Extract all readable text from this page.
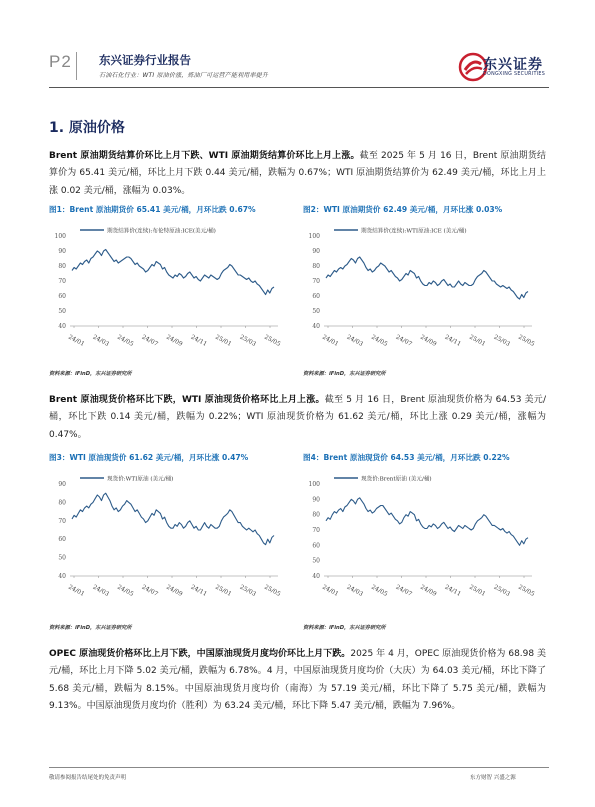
P2 东兴证券行业报告
石油石化行业：WTI 原油价涨，炼油厂可运营产能利用率提升
东兴证券
DONGXING SECURITIES
1. 原油价格
Brent 原油期货结算价环比上月下跌、WTI 原油期货结算价环比上月上涨。截至 2025 年 5 月 16 日，Brent 原油期货结算价为 65.41 美元/桶，环比上月下跌 0.44 美元/桶，跌幅为 0.67%；WTI 原油期货结算价为 62.49 美元/桶，环比上月上涨 0.02 美元/桶，涨幅为 0.03%。
图1：Brent 原油期货价 65.41 美元/桶，月环比跌 0.67%	图2：WTI 原油期货价 62.49 美元/桶，月环比涨 0.03%
期货结算价(连续):布伦特原油:ICE(美元/桶)
40
50
60
70
80
90
100
24/01 24/03 24/05 24/07 24/09 24/11 25/01 25/03 25/05
期货结算价(连续):WTI原油:ICE (美元/桶)
40
50
60
70
80
90
100
24/01 24/03 24/05 24/07 24/09 24/11 25/01 25/03 25/05
资料来源：iFinD，东兴证券研究所	资料来源：iFinD，东兴证券研究所
Brent 原油现货价格环比下跌，WTI 原油现货价格环比上月上涨。截至 5 月 16 日，Brent 原油现货价格为 64.53 美元/桶，环比下跌 0.14 美元/桶，跌幅为 0.22%；WTI 原油现货价格为 61.62 美元/桶，环比上涨 0.29 美元/桶，涨幅为 0.47%。
图3：WTI 原油现货价 61.62 美元/桶，月环比涨 0.47%	图4：Brent 原油现货价 64.53 美元/桶，月环比跌 0.22%
现货价:WTI原油 (美元/桶)
40
50
60
70
80
90
24/01 24/03 24/05 24/07 24/09 24/11 25/01 25/03 25/05
现货价:Brent原油 (美元/桶)
40
50
60
70
80
90
100
24/01 24/03 24/05 24/07 24/09 24/11 25/01 25/03 25/05
资料来源：iFinD，东兴证券研究所	资料来源：iFinD，东兴证券研究所
OPEC 原油现货价格环比上月下跌，中国原油现货月度均价环比上月下跌。2025 年 4 月，OPEC 原油现货价格为 68.98 美元/桶，环比上月下降 5.02 美元/桶，跌幅为 6.78%。4 月，中国原油现货月度均价（大庆）为 64.03 美元/桶，环比下降了 5.68 美元/桶，跌幅为 8.15%。中国原油现货月度均价（南海）为 57.19 美元/桶，环比下降了 5.75 美元/桶，跌幅为 9.13%。中国原油现货月度均价（胜利）为 63.24 美元/桶，环比下降 5.47 美元/桶，跌幅为 7.96%。
敬请参阅报告结尾处的免责声明	东方财智 兴盛之源
